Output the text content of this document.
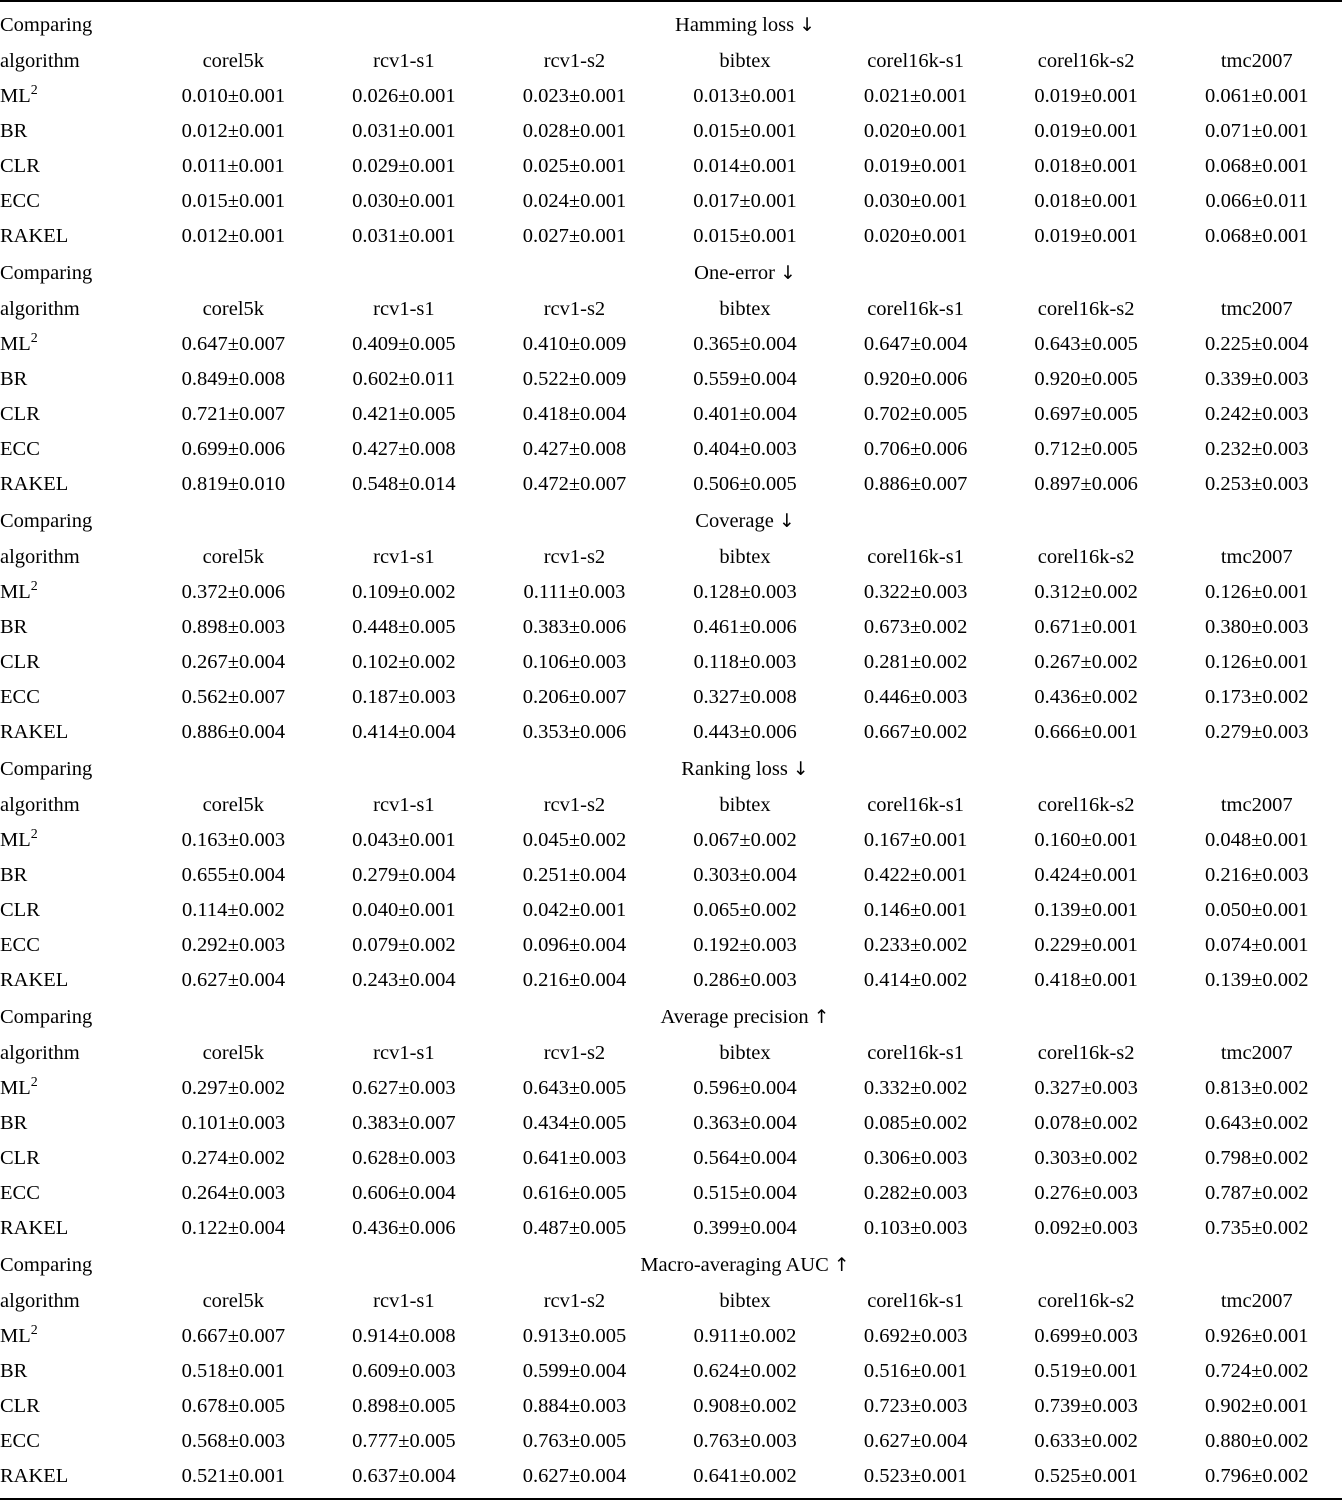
Comparing	Hamming loss ↓						
algorithm	corel5k	rcv1-s1	rcv1-s2	bibtex	corel16k-s1	corel16k-s2	tmc2007
$ML^2$	0.010±0.001	0.026±0.001	0.023±0.001	0.013±0.001	0.021±0.001	0.019±0.001	0.061±0.001
BR	0.012±0.001	0.031±0.001	0.028±0.001	0.015±0.001	0.020±0.001	0.019±0.001	0.071±0.001
CLR	0.011±0.001	0.029±0.001	0.025±0.001	0.014±0.001	0.019±0.001	0.018±0.001	0.068±0.001
ECC	0.015±0.001	0.030±0.001	0.024±0.001	0.017±0.001	0.030±0.001	0.018±0.001	0.066±0.011
RAKEL	0.012±0.001	0.031±0.001	0.027±0.001	0.015±0.001	0.020±0.001	0.019±0.001	0.068±0.001
Comparing	One-error ↓						
algorithm	corel5k	rcv1-s1	rcv1-s2	bibtex	corel16k-s1	corel16k-s2	tmc2007
$ML^2$	0.647±0.007	0.409±0.005	0.410±0.009	0.365±0.004	0.647±0.004	0.643±0.005	0.225±0.004
BR	0.849±0.008	0.602±0.011	0.522±0.009	0.559±0.004	0.920±0.006	0.920±0.005	0.339±0.003
CLR	0.721±0.007	0.421±0.005	0.418±0.004	0.401±0.004	0.702±0.005	0.697±0.005	0.242±0.003
ECC	0.699±0.006	0.427±0.008	0.427±0.008	0.404±0.003	0.706±0.006	0.712±0.005	0.232±0.003
RAKEL	0.819±0.010	0.548±0.014	0.472±0.007	0.506±0.005	0.886±0.007	0.897±0.006	0.253±0.003
Comparing	Coverage ↓						
algorithm	corel5k	rcv1-s1	rcv1-s2	bibtex	corel16k-s1	corel16k-s2	tmc2007
$ML^2$	0.372±0.006	0.109±0.002	0.111±0.003	0.128±0.003	0.322±0.003	0.312±0.002	0.126±0.001
BR	0.898±0.003	0.448±0.005	0.383±0.006	0.461±0.006	0.673±0.002	0.671±0.001	0.380±0.003
CLR	0.267±0.004	0.102±0.002	0.106±0.003	0.118±0.003	0.281±0.002	0.267±0.002	0.126±0.001
ECC	0.562±0.007	0.187±0.003	0.206±0.007	0.327±0.008	0.446±0.003	0.436±0.002	0.173±0.002
RAKEL	0.886±0.004	0.414±0.004	0.353±0.006	0.443±0.006	0.667±0.002	0.666±0.001	0.279±0.003
Comparing	Ranking loss ↓						
algorithm	corel5k	rcv1-s1	rcv1-s2	bibtex	corel16k-s1	corel16k-s2	tmc2007
$ML^2$	0.163±0.003	0.043±0.001	0.045±0.002	0.067±0.002	0.167±0.001	0.160±0.001	0.048±0.001
BR	0.655±0.004	0.279±0.004	0.251±0.004	0.303±0.004	0.422±0.001	0.424±0.001	0.216±0.003
CLR	0.114±0.002	0.040±0.001	0.042±0.001	0.065±0.002	0.146±0.001	0.139±0.001	0.050±0.001
ECC	0.292±0.003	0.079±0.002	0.096±0.004	0.192±0.003	0.233±0.002	0.229±0.001	0.074±0.001
RAKEL	0.627±0.004	0.243±0.004	0.216±0.004	0.286±0.003	0.414±0.002	0.418±0.001	0.139±0.002
Comparing	Average precision ↑						
algorithm	corel5k	rcv1-s1	rcv1-s2	bibtex	corel16k-s1	corel16k-s2	tmc2007
$ML^2$	0.297±0.002	0.627±0.003	0.643±0.005	0.596±0.004	0.332±0.002	0.327±0.003	0.813±0.002
BR	0.101±0.003	0.383±0.007	0.434±0.005	0.363±0.004	0.085±0.002	0.078±0.002	0.643±0.002
CLR	0.274±0.002	0.628±0.003	0.641±0.003	0.564±0.004	0.306±0.003	0.303±0.002	0.798±0.002
ECC	0.264±0.003	0.606±0.004	0.616±0.005	0.515±0.004	0.282±0.003	0.276±0.003	0.787±0.002
RAKEL	0.122±0.004	0.436±0.006	0.487±0.005	0.399±0.004	0.103±0.003	0.092±0.003	0.735±0.002
Comparing	Macro-averaging AUC ↑						
algorithm	corel5k	rcv1-s1	rcv1-s2	bibtex	corel16k-s1	corel16k-s2	tmc2007
$ML^2$	0.667±0.007	0.914±0.008	0.913±0.005	0.911±0.002	0.692±0.003	0.699±0.003	0.926±0.001
BR	0.518±0.001	0.609±0.003	0.599±0.004	0.624±0.002	0.516±0.001	0.519±0.001	0.724±0.002
CLR	0.678±0.005	0.898±0.005	0.884±0.003	0.908±0.002	0.723±0.003	0.739±0.003	0.902±0.001
ECC	0.568±0.003	0.777±0.005	0.763±0.005	0.763±0.003	0.627±0.004	0.633±0.002	0.880±0.002
RAKEL	0.521±0.001	0.637±0.004	0.627±0.004	0.641±0.002	0.523±0.001	0.525±0.001	0.796±0.002
